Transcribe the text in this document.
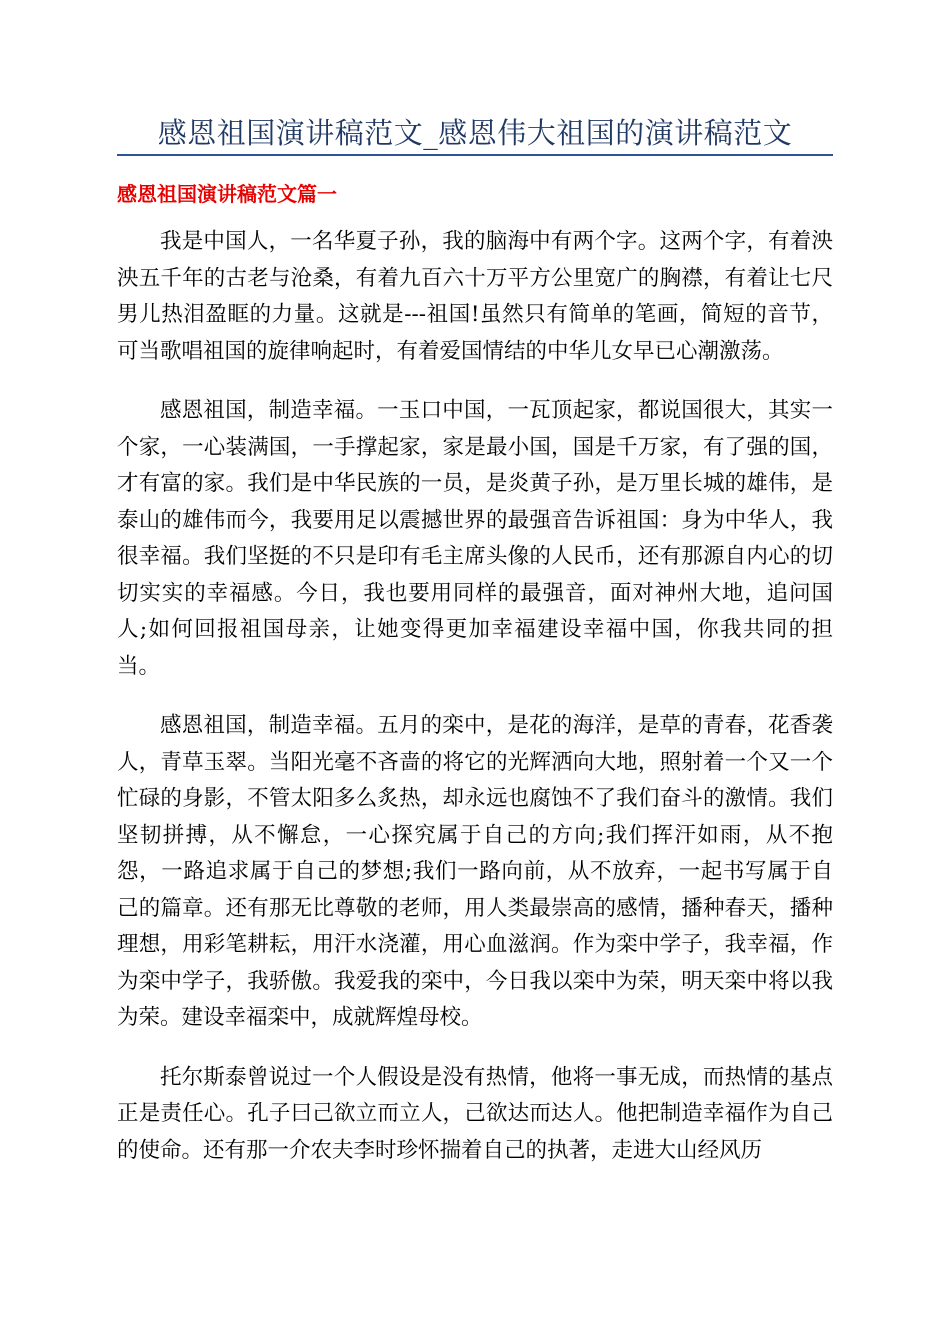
感恩祖国演讲稿范文_感恩伟大祖国的演讲稿范文
感恩祖国演讲稿范文篇一

我是中国人，一名华夏子孙，我的脑海中有两个字。这两个字，有着泱泱五千年的古老与沧桑，有着九百六十万平方公里宽广的胸襟，有着让七尺男儿热泪盈眶的力量。这就是---祖国!虽然只有简单的笔画，简短的音节，可当歌唱祖国的旋律响起时，有着爱国情结的中华儿女早已心潮激荡。

感恩祖国，制造幸福。一玉口中国，一瓦顶起家，都说国很大，其实一个家，一心装满国，一手撑起家，家是最小国，国是千万家，有了强的国，才有富的家。我们是中华民族的一员，是炎黄子孙，是万里长城的雄伟，是泰山的雄伟而今，我要用足以震撼世界的最强音告诉祖国：身为中华人，我很幸福。我们坚挺的不只是印有毛主席头像的人民币，还有那源自内心的切切实实的幸福感。今日，我也要用同样的最强音，面对神州大地，追问国人;如何回报祖国母亲，让她变得更加幸福建设幸福中国，你我共同的担当。

感恩祖国，制造幸福。五月的栾中，是花的海洋，是草的青春，花香袭人，青草玉翠。当阳光毫不吝啬的将它的光辉洒向大地，照射着一个又一个忙碌的身影，不管太阳多么炙热，却永远也腐蚀不了我们奋斗的激情。我们坚韧拼搏，从不懈怠，一心探究属于自己的方向;我们挥汗如雨，从不抱怨，一路追求属于自己的梦想;我们一路向前，从不放弃，一起书写属于自己的篇章。还有那无比尊敬的老师，用人类最崇高的感情，播种春天，播种理想，用彩笔耕耘，用汗水浇灌，用心血滋润。作为栾中学子，我幸福，作为栾中学子，我骄傲。我爱我的栾中，今日我以栾中为荣，明天栾中将以我为荣。建设幸福栾中，成就辉煌母校。

托尔斯泰曾说过一个人假设是没有热情，他将一事无成，而热情的基点正是责任心。孔子曰己欲立而立人，己欲达而达人。他把制造幸福作为自己的使命。还有那一介农夫李时珍怀揣着自己的执著，走进大山经风历
